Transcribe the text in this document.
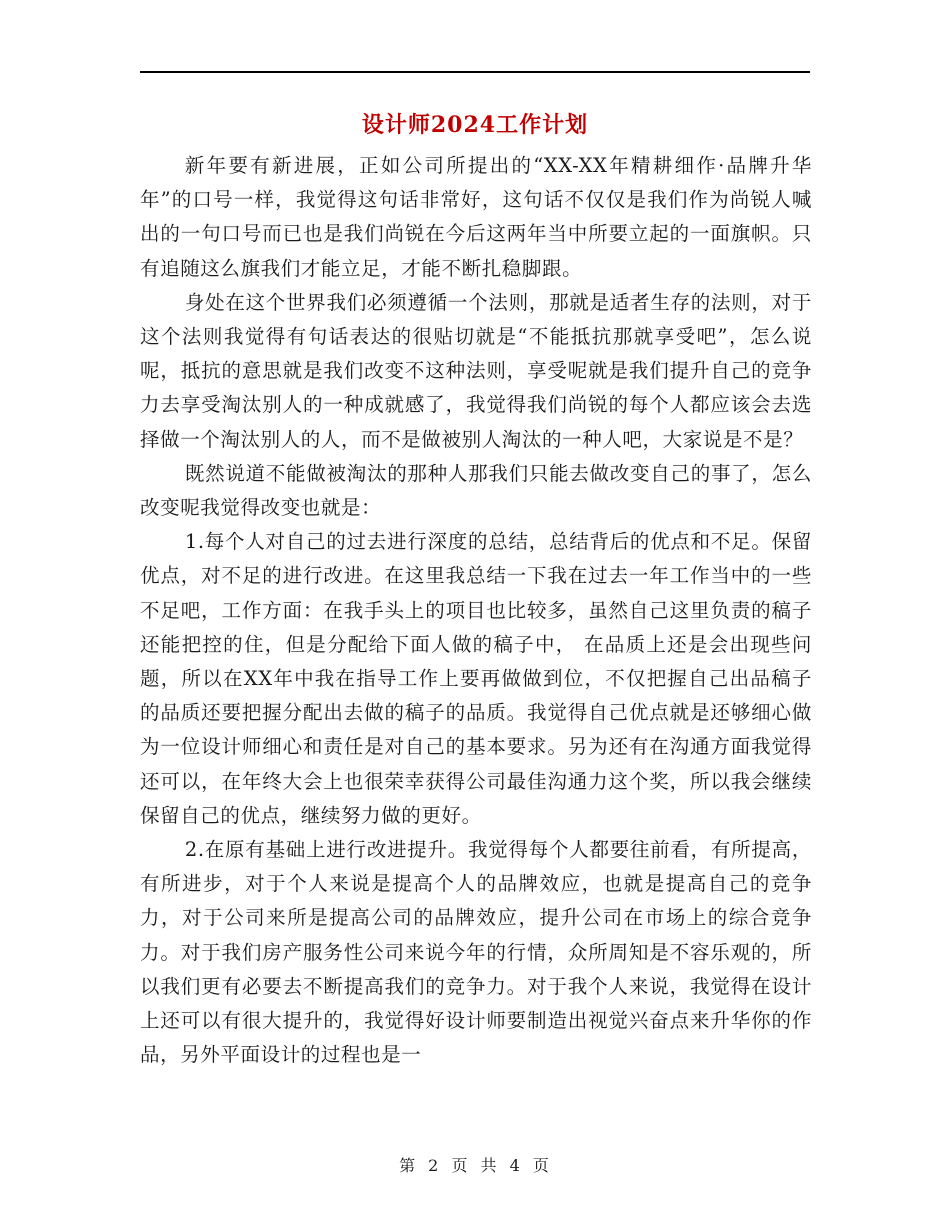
设计师2024工作计划

新年要有新进展，正如公司所提出的“XX-XX年精耕细作·品牌升华年”的口号一样，我觉得这句话非常好，这句话不仅仅是我们作为尚锐人喊出的一句口号而已也是我们尚锐在今后这两年当中所要立起的一面旗帜。只有追随这么旗我们才能立足，才能不断扎稳脚跟。

身处在这个世界我们必须遵循一个法则，那就是适者生存的法则，对于这个法则我觉得有句话表达的很贴切就是“不能抵抗那就享受吧”，怎么说呢，抵抗的意思就是我们改变不这种法则，享受呢就是我们提升自己的竞争力去享受淘汰别人的一种成就感了，我觉得我们尚锐的每个人都应该会去选择做一个淘汰别人的人，而不是做被别人淘汰的一种人吧，大家说是不是？

既然说道不能做被淘汰的那种人那我们只能去做改变自己的事了，怎么改变呢我觉得改变也就是：

1.每个人对自己的过去进行深度的总结，总结背后的优点和不足。保留优点，对不足的进行改进。在这里我总结一下我在过去一年工作当中的一些不足吧，工作方面：在我手头上的项目也比较多，虽然自己这里负责的稿子还能把控的住，但是分配给下面人做的稿子中， 在品质上还是会出现些问题，所以在XX年中我在指导工作上要再做做到位，不仅把握自己出品稿子的品质还要把握分配出去做的稿子的品质。我觉得自己优点就是还够细心做为一位设计师细心和责任是对自己的基本要求。另为还有在沟通方面我觉得还可以，在年终大会上也很荣幸获得公司最佳沟通力这个奖，所以我会继续保留自己的优点，继续努力做的更好。

2.在原有基础上进行改进提升。我觉得每个人都要往前看，有所提高，有所进步，对于个人来说是提高个人的品牌效应，也就是提高自己的竞争力，对于公司来所是提高公司的品牌效应，提升公司在市场上的综合竞争力。对于我们房产服务性公司来说今年的行情，众所周知是不容乐观的，所以我们更有必要去不断提高我们的竞争力。对于我个人来说，我觉得在设计上还可以有很大提升的，我觉得好设计师要制造出视觉兴奋点来升华你的作品，另外平面设计的过程也是一

第 2 页 共 4 页
